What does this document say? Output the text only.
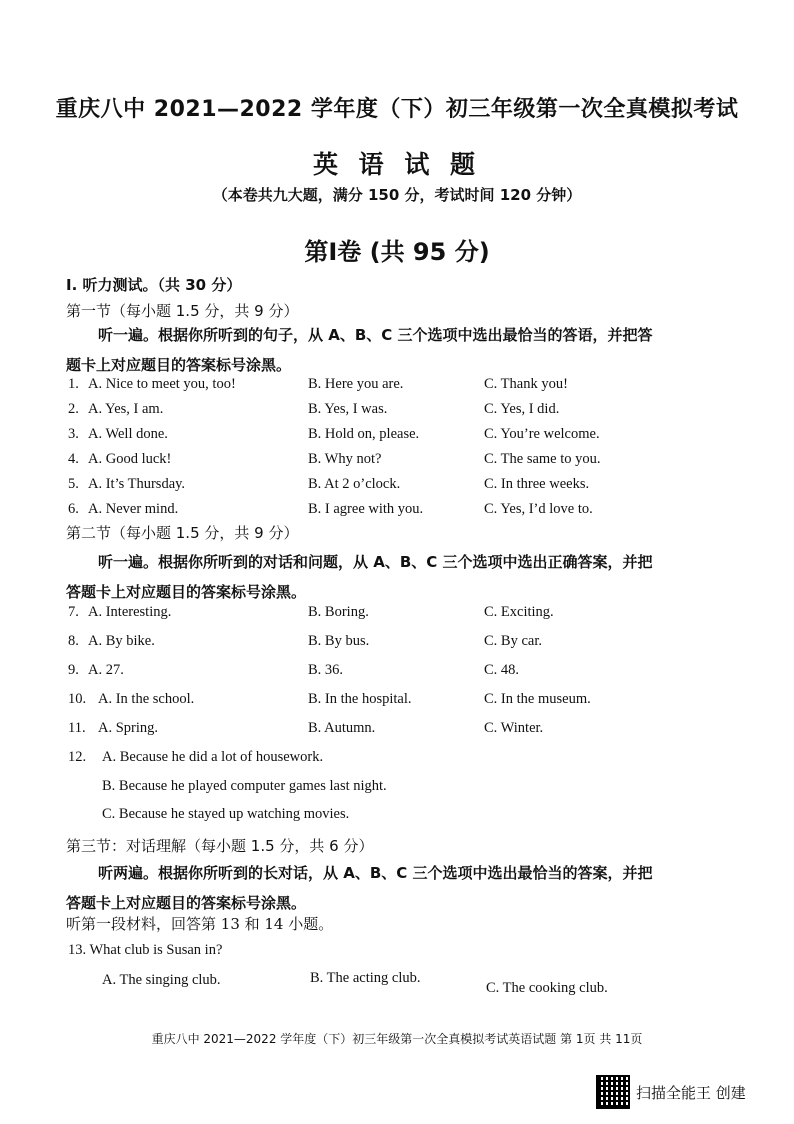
重庆八中 2021—2022 学年度（下）初三年级第一次全真模拟考试
英 语 试 题
（本卷共九大题，满分 150 分，考试时间 120 分钟）
第Ⅰ卷 (共 95 分)
Ⅰ. 听力测试。（共 30 分）
第一节（每小题 1.5 分，共 9 分）
听一遍。根据你所听到的句子，从 A、B、C 三个选项中选出最恰当的答语，并把答题卡上对应题目的答案标号涂黑。
1. A. Nice to meet you, too!	B. Here you are.	C. Thank you!
2. A. Yes, I am.	B. Yes, I was.	C. Yes, I did.
3. A. Well done.	B. Hold on, please.	C. You’re welcome.
4. A. Good luck!	B. Why not?	C. The same to you.
5. A. It’s Thursday.	B. At 2 o’clock.	C. In three weeks.
6. A. Never mind.	B. I agree with you.	C. Yes, I’d love to.
第二节（每小题 1.5 分，共 9 分）
听一遍。根据你所听到的对话和问题，从 A、B、C 三个选项中选出正确答案，并把答题卡上对应题目的答案标号涂黑。
7. A. Interesting.	B. Boring.	C. Exciting.
8. A. By bike.	B. By bus.	C. By car.
9. A. 27.	B. 36.	C. 48.
10. A. In the school.	B. In the hospital.	C. In the museum.
11. A. Spring.	B. Autumn.	C. Winter.
12. A. Because he did a lot of housework.
B. Because he played computer games last night.
C. Because he stayed up watching movies.
第三节：对话理解（每小题 1.5 分，共 6 分）
听两遍。根据你所听到的长对话，从 A、B、C 三个选项中选出最恰当的答案，并把答题卡上对应题目的答案标号涂黑。
听第一段材料，回答第 13 和 14 小题。
13. What club is Susan in?
A. The singing club.	B. The acting club.
C. The cooking club.
重庆八中 2021—2022 学年度（下）初三年级第一次全真模拟考试英语试题 第 1页 共 11页
扫描全能王 创建
